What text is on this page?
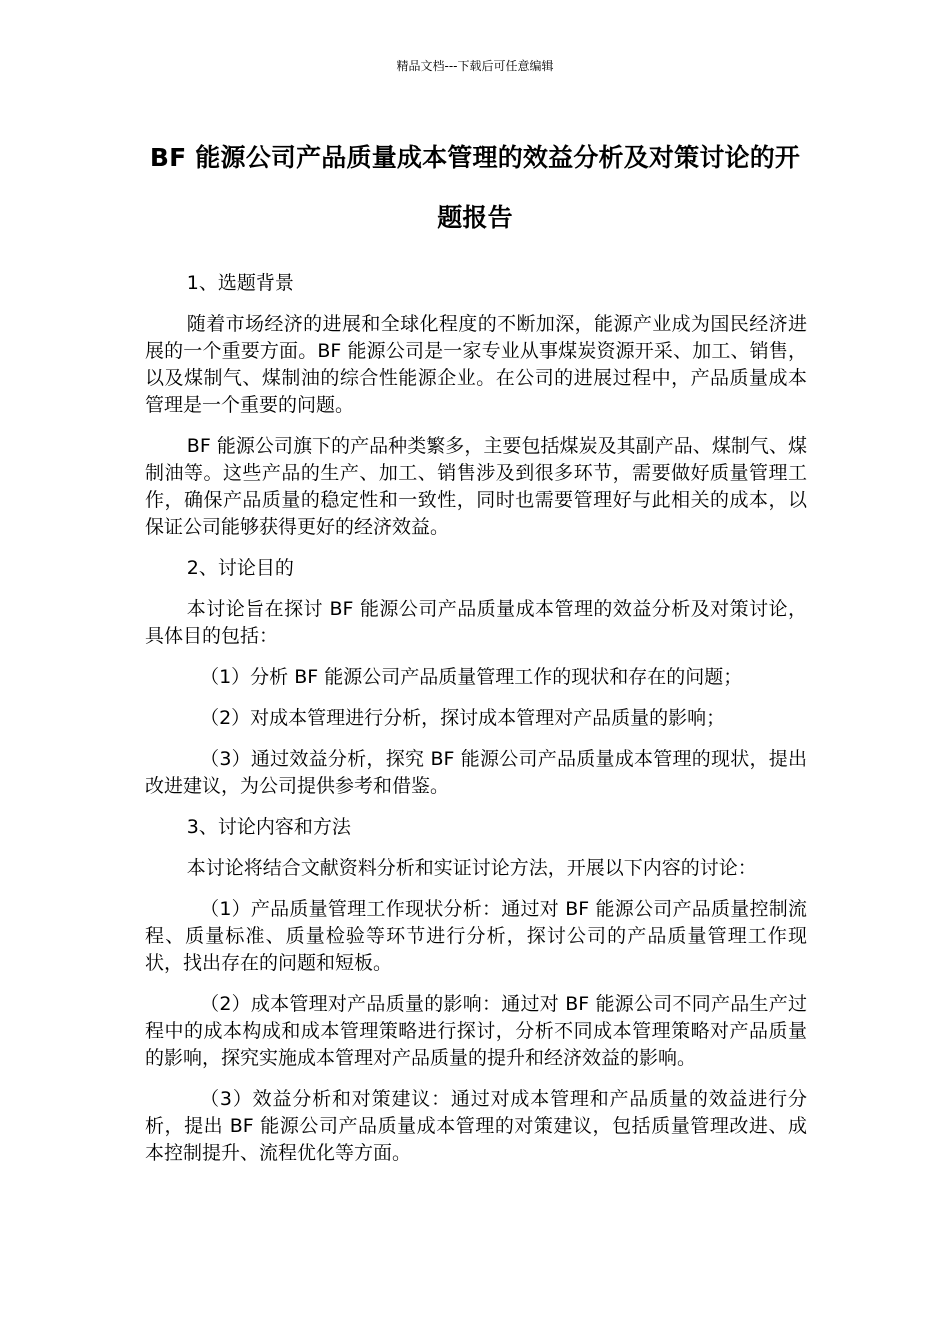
精品文档---下载后可任意编辑
BF 能源公司产品质量成本管理的效益分析及对策讨论的开题报告

1、选题背景

随着市场经济的进展和全球化程度的不断加深，能源产业成为国民经济进展的一个重要方面。BF 能源公司是一家专业从事煤炭资源开采、加工、销售，以及煤制气、煤制油的综合性能源企业。在公司的进展过程中，产品质量成本管理是一个重要的问题。

BF 能源公司旗下的产品种类繁多，主要包括煤炭及其副产品、煤制气、煤制油等。这些产品的生产、加工、销售涉及到很多环节，需要做好质量管理工作，确保产品质量的稳定性和一致性，同时也需要管理好与此相关的成本，以保证公司能够获得更好的经济效益。

2、讨论目的

本讨论旨在探讨 BF 能源公司产品质量成本管理的效益分析及对策讨论，具体目的包括：

（1）分析 BF 能源公司产品质量管理工作的现状和存在的问题；

（2）对成本管理进行分析，探讨成本管理对产品质量的影响；

（3）通过效益分析，探究 BF 能源公司产品质量成本管理的现状，提出改进建议，为公司提供参考和借鉴。

3、讨论内容和方法

本讨论将结合文献资料分析和实证讨论方法，开展以下内容的讨论：

（1）产品质量管理工作现状分析：通过对 BF 能源公司产品质量控制流程、质量标准、质量检验等环节进行分析，探讨公司的产品质量管理工作现状，找出存在的问题和短板。

（2）成本管理对产品质量的影响：通过对 BF 能源公司不同产品生产过程中的成本构成和成本管理策略进行探讨，分析不同成本管理策略对产品质量的影响，探究实施成本管理对产品质量的提升和经济效益的影响。

（3）效益分析和对策建议：通过对成本管理和产品质量的效益进行分析，提出 BF 能源公司产品质量成本管理的对策建议，包括质量管理改进、成本控制提升、流程优化等方面。
